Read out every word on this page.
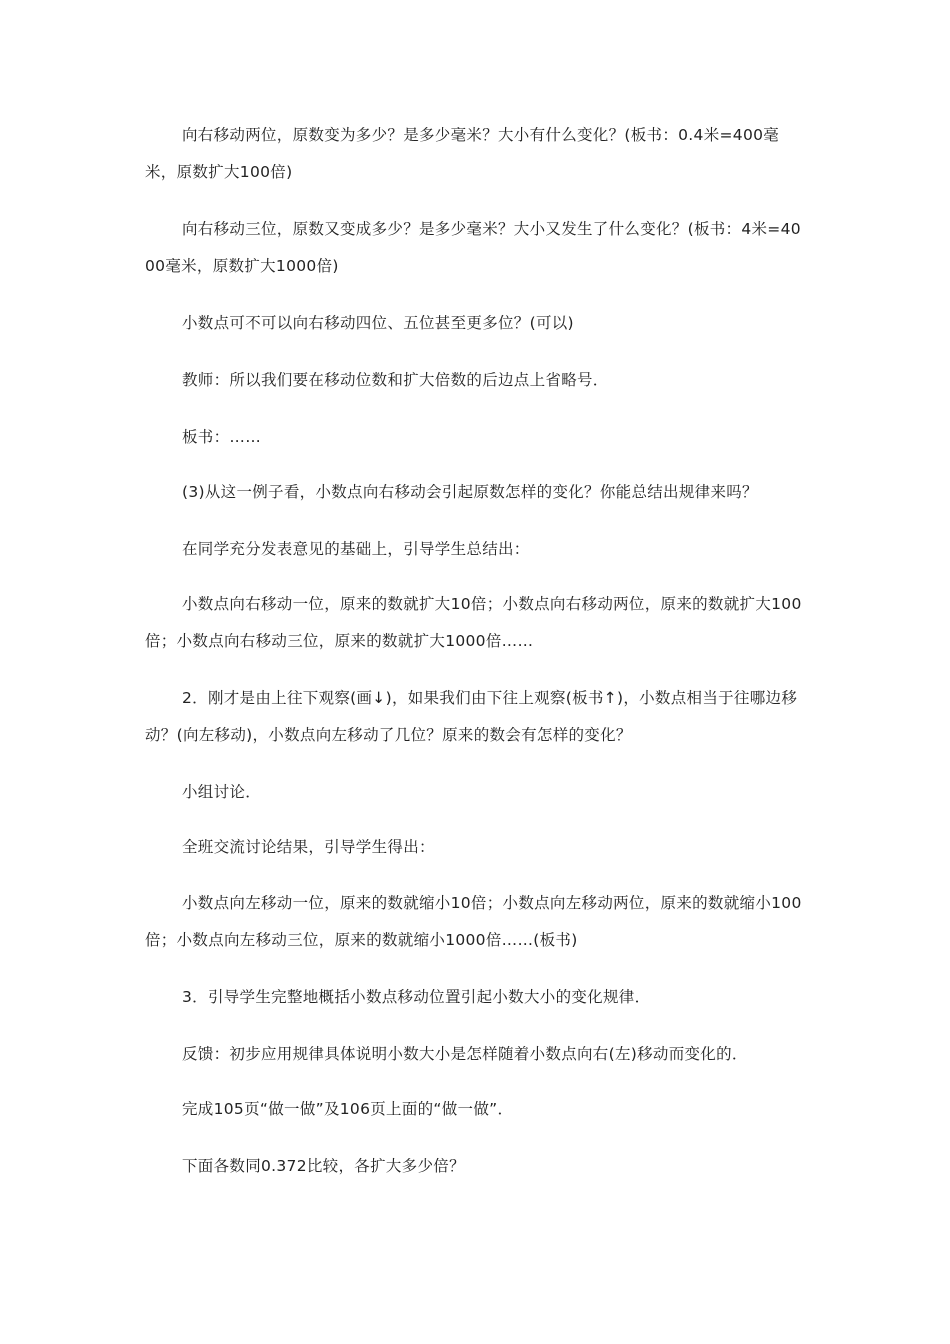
向右移动两位，原数变为多少？是多少毫米？大小有什么变化？(板书：0.4米=400毫米，原数扩大100倍)

向右移动三位，原数又变成多少？是多少毫米？大小又发生了什么变化？(板书：4米=4000毫米，原数扩大1000倍)

小数点可不可以向右移动四位、五位甚至更多位？(可以)

教师：所以我们要在移动位数和扩大倍数的后边点上省略号．

板书：……

(3)从这一例子看，小数点向右移动会引起原数怎样的变化？你能总结出规律来吗？

在同学充分发表意见的基础上，引导学生总结出：

小数点向右移动一位，原来的数就扩大10倍；小数点向右移动两位，原来的数就扩大100倍；小数点向右移动三位，原来的数就扩大1000倍……

2．刚才是由上往下观察(画↓)，如果我们由下往上观察(板书↑)，小数点相当于往哪边移动？(向左移动)，小数点向左移动了几位？原来的数会有怎样的变化？

小组讨论．

全班交流讨论结果，引导学生得出：

小数点向左移动一位，原来的数就缩小10倍；小数点向左移动两位，原来的数就缩小100倍；小数点向左移动三位，原来的数就缩小1000倍……(板书)

3．引导学生完整地概括小数点移动位置引起小数大小的变化规律．

反馈：初步应用规律具体说明小数大小是怎样随着小数点向右(左)移动而变化的．

完成105页“做一做”及106页上面的“做一做”．

下面各数同0.372比较，各扩大多少倍？
